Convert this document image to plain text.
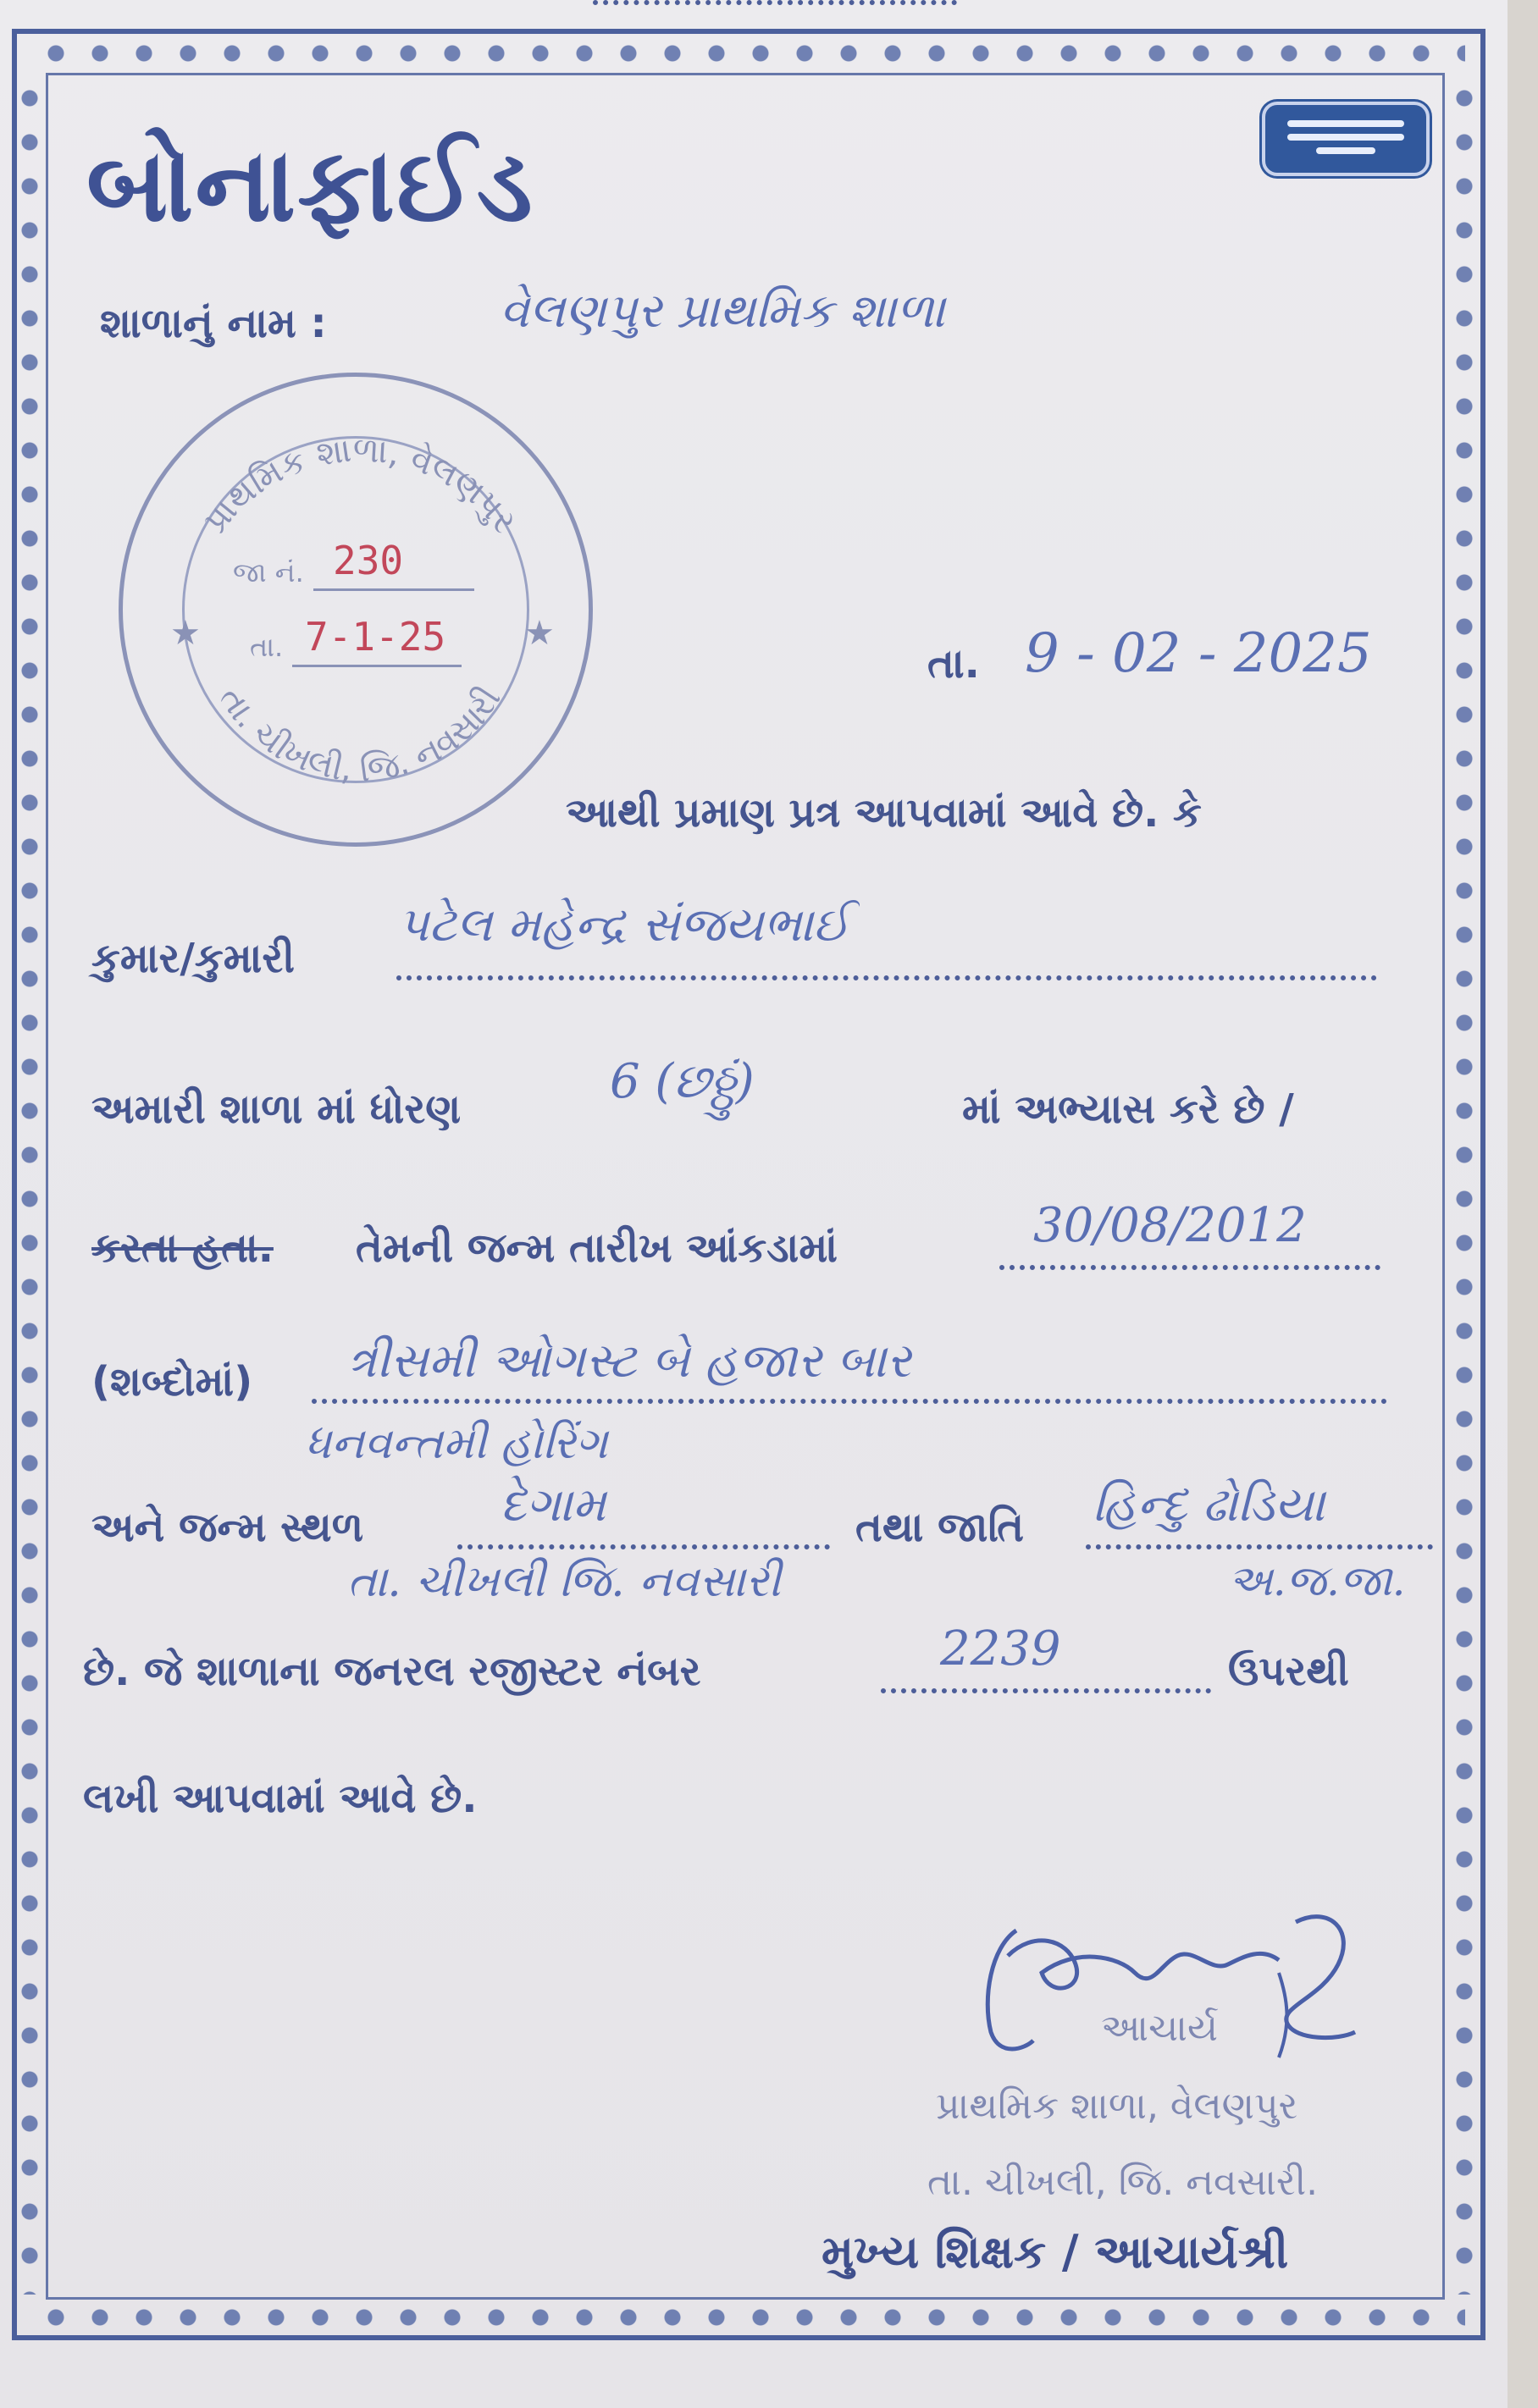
બોનાફાઈડ
શાળાનું નામ :	વેલણપુર પ્રાથમિક શાળા
પ્રાથમિક શાળા, વેલણપુર
તા. ચીખલી, જિ. નવસારી
જા નં. 230
તા. 7-1-25
★	★
તા. 9 - 02 - 2025
આથી પ્રમાણ પ્રત્ર આપવામાં આવે છે. કે
કુમાર/કુમારી
પટેલ મહેન્દ્ર સંજયભાઈ
અમારી શાળા માં ધોરણ	6 (છઠ્ઠું)	માં અભ્યાસ કરે છે /
કરતા હતા. તેમની જન્મ તારીખ આંકડામાં	30/08/2012
(શબ્દોમાં) ત્રીસમી ઓગસ્ટ બે હજાર બાર
ધનવન્તમી હોરિંગ
અને જન્મ સ્થળ	દેગામ	તથા જાતિ હિન્દુ ઢોડિયા
તા. ચીખલી જિ. નવસારી	અ.જ.જા.
છે. જે શાળાના જનરલ રજીસ્ટર નંબર	2239	ઉપરથી
લખી આપવામાં આવે છે.
આચાર્ય
પ્રાથમિક શાળા, વેલણપુર
તા. ચીખલી, જિ. નવસારી.
મુખ્ય શિક્ષક / આચાર્યશ્રી
